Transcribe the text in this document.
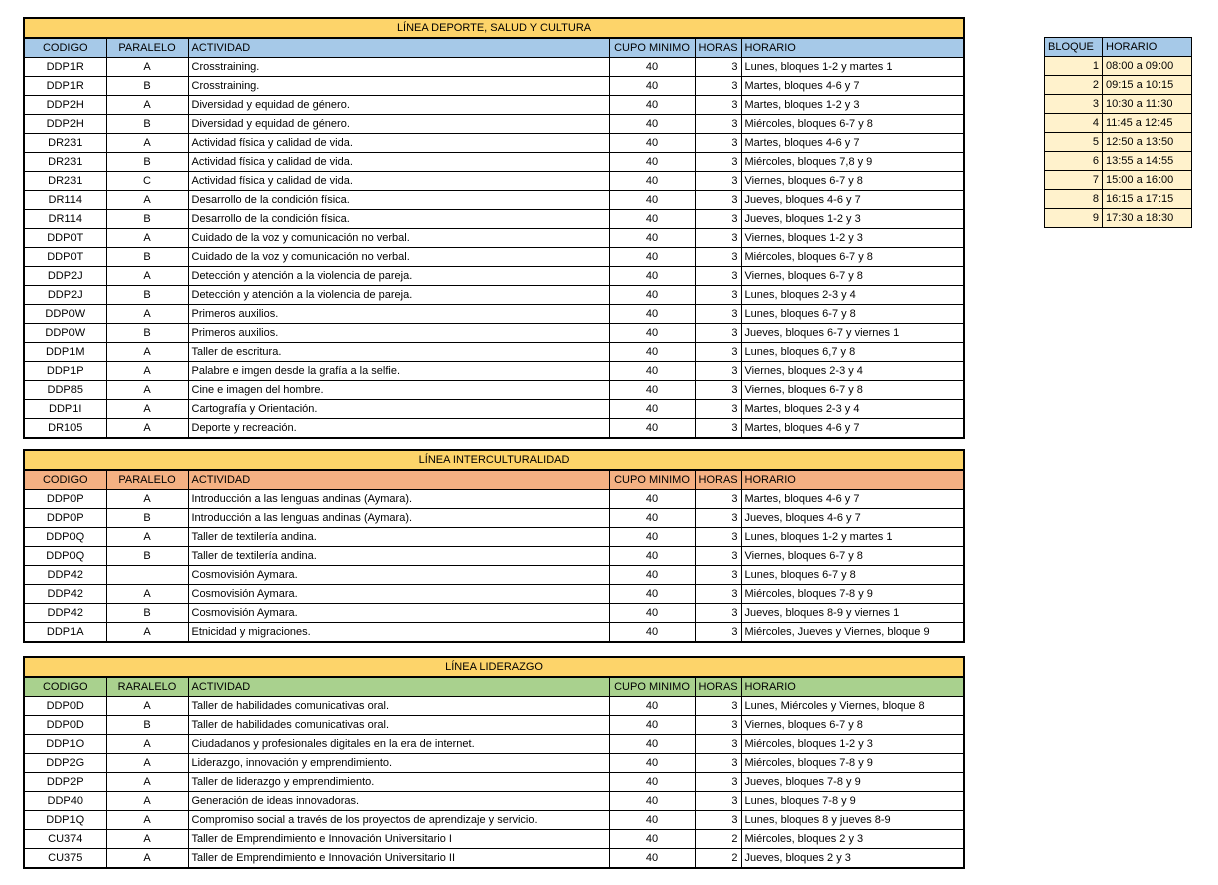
LÍNEA DEPORTE, SALUD Y CULTURA					
CODIGO	PARALELO	ACTIVIDAD	CUPO MINIMO	HORAS	HORARIO
DDP1R	A	Crosstraining.	40	3	Lunes, bloques 1-2 y martes 1
DDP1R	B	Crosstraining.	40	3	Martes, bloques 4-6 y 7
DDP2H	A	Diversidad y equidad de género.	40	3	Martes, bloques 1-2 y 3
DDP2H	B	Diversidad y equidad de género.	40	3	Miércoles, bloques 6-7 y 8
DR231	A	Actividad física y calidad de vida.	40	3	Martes, bloques 4-6 y 7
DR231	B	Actividad física y calidad de vida.	40	3	Miércoles, bloques 7,8 y 9
DR231	C	Actividad física y calidad de vida.	40	3	Viernes, bloques 6-7 y 8
DR114	A	Desarrollo de la condición física.	40	3	Jueves, bloques 4-6 y 7
DR114	B	Desarrollo de la condición física.	40	3	Jueves, bloques 1-2 y 3
DDP0T	A	Cuidado de la voz y comunicación no verbal.	40	3	Viernes, bloques 1-2 y 3
DDP0T	B	Cuidado de la voz y comunicación no verbal.	40	3	Miércoles, bloques 6-7 y 8
DDP2J	A	Detección y atención a la violencia de pareja.	40	3	Viernes, bloques 6-7 y 8
DDP2J	B	Detección y atención a la violencia de pareja.	40	3	Lunes, bloques 2-3 y 4
DDP0W	A	Primeros auxilios.	40	3	Lunes, bloques 6-7 y 8
DDP0W	B	Primeros auxilios.	40	3	Jueves, bloques 6-7 y viernes 1
DDP1M	A	Taller de escritura.	40	3	Lunes, bloques 6,7 y 8
DDP1P	A	Palabre e imgen desde la grafía a la selfie.	40	3	Viernes, bloques 2-3 y 4
DDP85	A	Cine e imagen del hombre.	40	3	Viernes, bloques 6-7 y 8
DDP1I	A	Cartografía y Orientación.	40	3	Martes, bloques 2-3 y 4
DR105	A	Deporte y recreación.	40	3	Martes, bloques 4-6 y 7
LÍNEA INTERCULTURALIDAD					
CODIGO	PARALELO	ACTIVIDAD	CUPO MINIMO	HORAS	HORARIO
DDP0P	A	Introducción a las lenguas andinas (Aymara).	40	3	Martes, bloques 4-6 y 7
DDP0P	B	Introducción a las lenguas andinas (Aymara).	40	3	Jueves, bloques 4-6 y 7
DDP0Q	A	Taller de textilería andina.	40	3	Lunes, bloques 1-2 y martes 1
DDP0Q	B	Taller de textilería andina.	40	3	Viernes, bloques 6-7 y 8
DDP42		Cosmovisión Aymara.	40	3	Lunes, bloques 6-7 y 8
DDP42	A	Cosmovisión Aymara.	40	3	Miércoles, bloques 7-8 y 9
DDP42	B	Cosmovisión Aymara.	40	3	Jueves, bloques 8-9 y viernes 1
DDP1A	A	Etnicidad y migraciones.	40	3	Miércoles, Jueves y Viernes, bloque 9
LÍNEA LIDERAZGO					
CODIGO	RARALELO	ACTIVIDAD	CUPO MINIMO	HORAS	HORARIO
DDP0D	A	Taller de habilidades comunicativas oral.	40	3	Lunes, Miércoles y Viernes, bloque 8
DDP0D	B	Taller de habilidades comunicativas oral.	40	3	Viernes, bloques 6-7 y 8
DDP1O	A	Ciudadanos y profesionales digitales en la era de internet.	40	3	Miércoles, bloques 1-2 y 3
DDP2G	A	Liderazgo, innovación y emprendimiento.	40	3	Miércoles, bloques 7-8 y 9
DDP2P	A	Taller de liderazgo y emprendimiento.	40	3	Jueves, bloques 7-8 y 9
DDP40	A	Generación de ideas innovadoras.	40	3	Lunes, bloques 7-8 y 9
DDP1Q	A	Compromiso social a través de los proyectos de aprendizaje y servicio.	40	3	Lunes, bloques 8 y jueves 8-9
CU374	A	Taller de Emprendimiento e Innovación Universitario I	40	2	Miércoles, bloques 2 y 3
CU375	A	Taller de Emprendimiento e Innovación Universitario II	40	2	Jueves, bloques 2 y 3
BLOQUE	HORARIO
1	08:00 a 09:00
2	09:15 a 10:15
3	10:30 a 11:30
4	11:45 a 12:45
5	12:50 a 13:50
6	13:55 a 14:55
7	15:00 a 16:00
8	16:15 a 17:15
9	17:30 a 18:30
